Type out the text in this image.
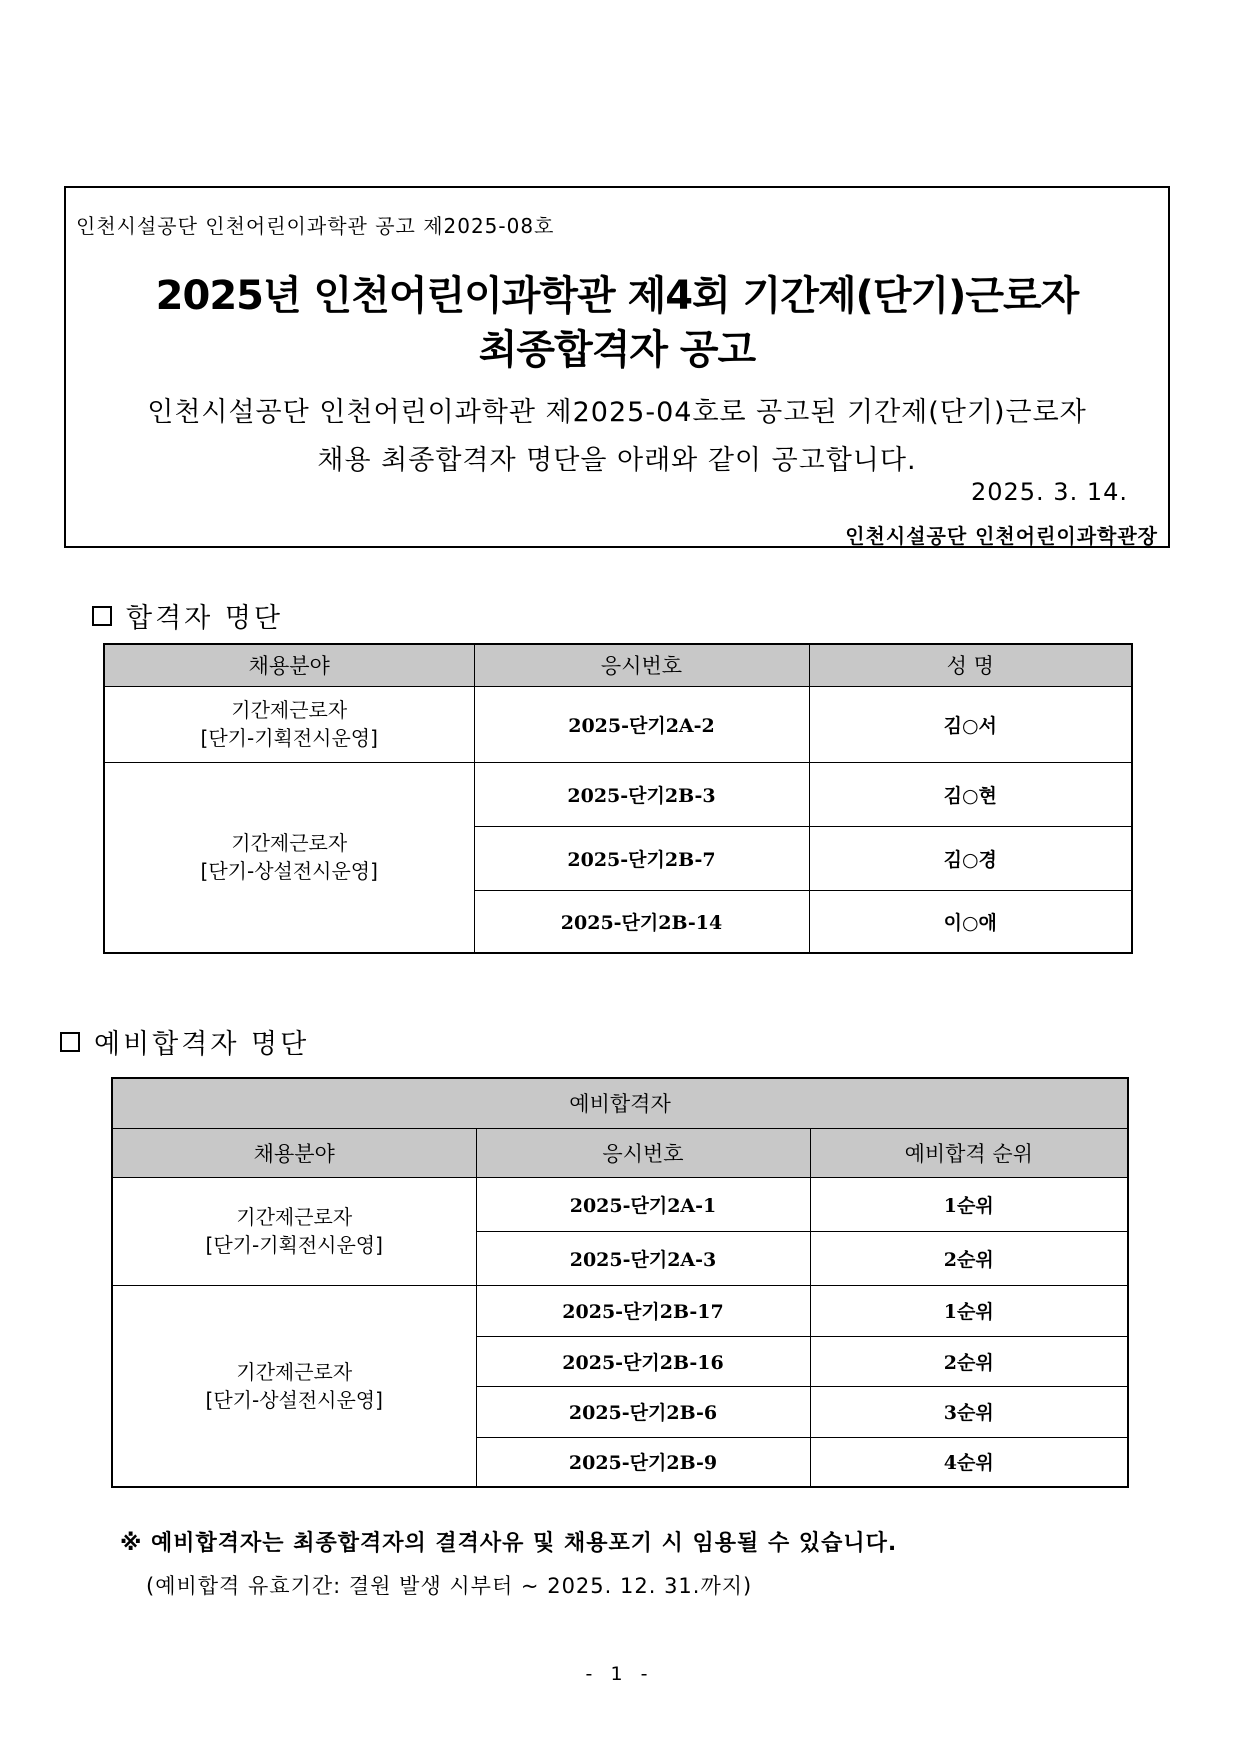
인천시설공단 인천어린이과학관 공고 제2025-08호
2025년 인천어린이과학관 제4회 기간제(단기)근로자
최종합격자 공고
인천시설공단 인천어린이과학관 제2025-04호로 공고된 기간제(단기)근로자
채용 최종합격자 명단을 아래와 같이 공고합니다.
2025. 3. 14.
인천시설공단 인천어린이과학관장
합격자 명단
채용분야	응시번호	성 명

기간제근로자
[단기-기획전시운영]	2025-단기2A-2	김○서

기간제근로자
[단기-상설전시운영]	2025-단기2B-3	김○현
	2025-단기2B-7	김○경
	2025-단기2B-14	이○애
예비합격자 명단
예비합격자		
채용분야	응시번호	예비합격 순위

기간제근로자
[단기-기획전시운영]	2025-단기2A-1	1순위
	2025-단기2A-3	2순위

기간제근로자
[단기-상설전시운영]	2025-단기2B-17	1순위
	2025-단기2B-16	2순위
	2025-단기2B-6	3순위
	2025-단기2B-9	4순위
※ 예비합격자는 최종합격자의 결격사유 및 채용포기 시 임용될 수 있습니다.
(예비합격 유효기간: 결원 발생 시부터 ~ 2025. 12. 31.까지)
- 1 -
